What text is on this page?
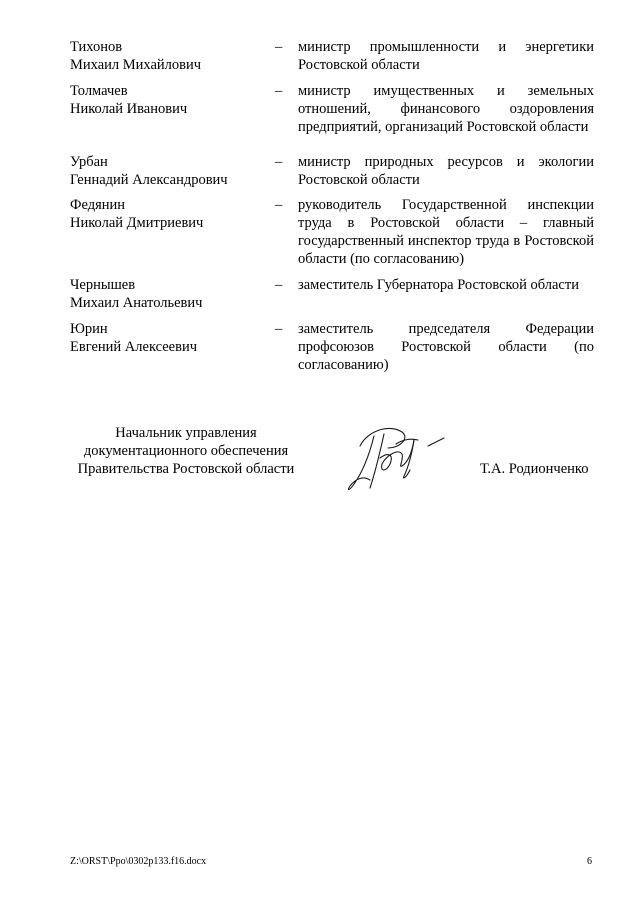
Тихонов
Михаил Михайлович
– министр промышленности и энергетики Ростовской области
Толмачев
Николай Иванович
– министр имущественных и земельных отношений, финансового оздоровления предприятий, организаций Ростовской области
Урбан
Геннадий Александрович
– министр природных ресурсов и экологии Ростовской области
Федянин
Николай Дмитриевич
– руководитель Государственной инспекции труда в Ростовской области – главный государственный инспектор труда в Ростовской области (по согласованию)
Чернышев
Михаил Анатольевич
– заместитель Губернатора Ростовской области
Юрин
Евгений Алексеевич
– заместитель председателя Федерации профсоюзов Ростовской области (по согласованию)
Начальник управления
документационного обеспечения
Правительства Ростовской области	Т.А. Родионченко
Z:\ORST\Ppo\0302p133.f16.docx	6
